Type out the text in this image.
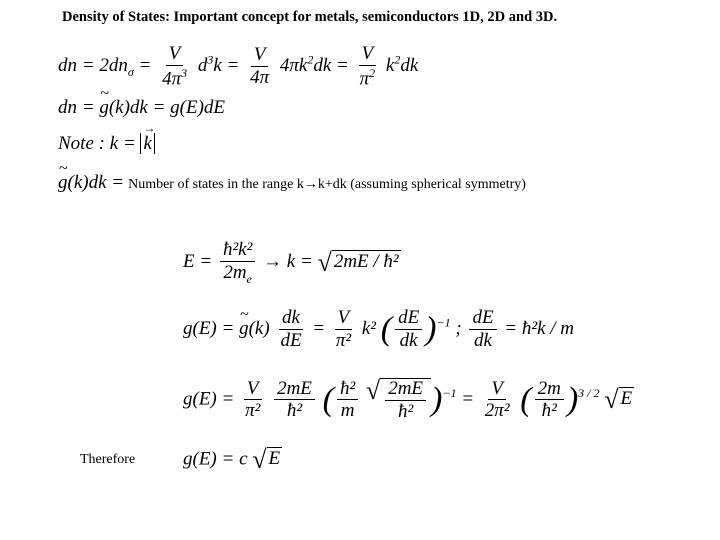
Density of States: Important concept for metals, semiconductors 1D, 2D and 3D.
dn = $2dn_\sigma = \frac{V}{4\pi^3} d^3k = \frac{V}{4\pi} 4\pi k^2dk = \frac{V}{\pi^2} k^2dk$
dn = ~ g(k)dk = g(E)dE
Note : k = → k
~ g(k)dk = Number of states in the range k→k+dk (assuming spherical symmetry)
$E = \frac{\text{ħ²k²}}{2m_e} \to k$ = √ 2mE / ħ²
g(E) = ~ $g(k) \frac{dk}{dE} = \frac{V}{\text{π²}} k^2$ ( $\frac{dE}{dk} )^{-1}$ ; $\frac{dE}{dk}$ = ħ²k / m
$g(E) = \frac{V}{\text{π²}}$
$\frac{2mE}{\text{ħ²}}$ ( $\frac{\text{ħ²}}{m}$
√ $\frac{2mE}{\text{ħ²}} )^{-1} = \frac{V}{\text{2π²}}$ ( $\frac{2m}{\text{ħ²}} )^{3 / 2}$ √ E
Therefore	g(E) = c √ E
